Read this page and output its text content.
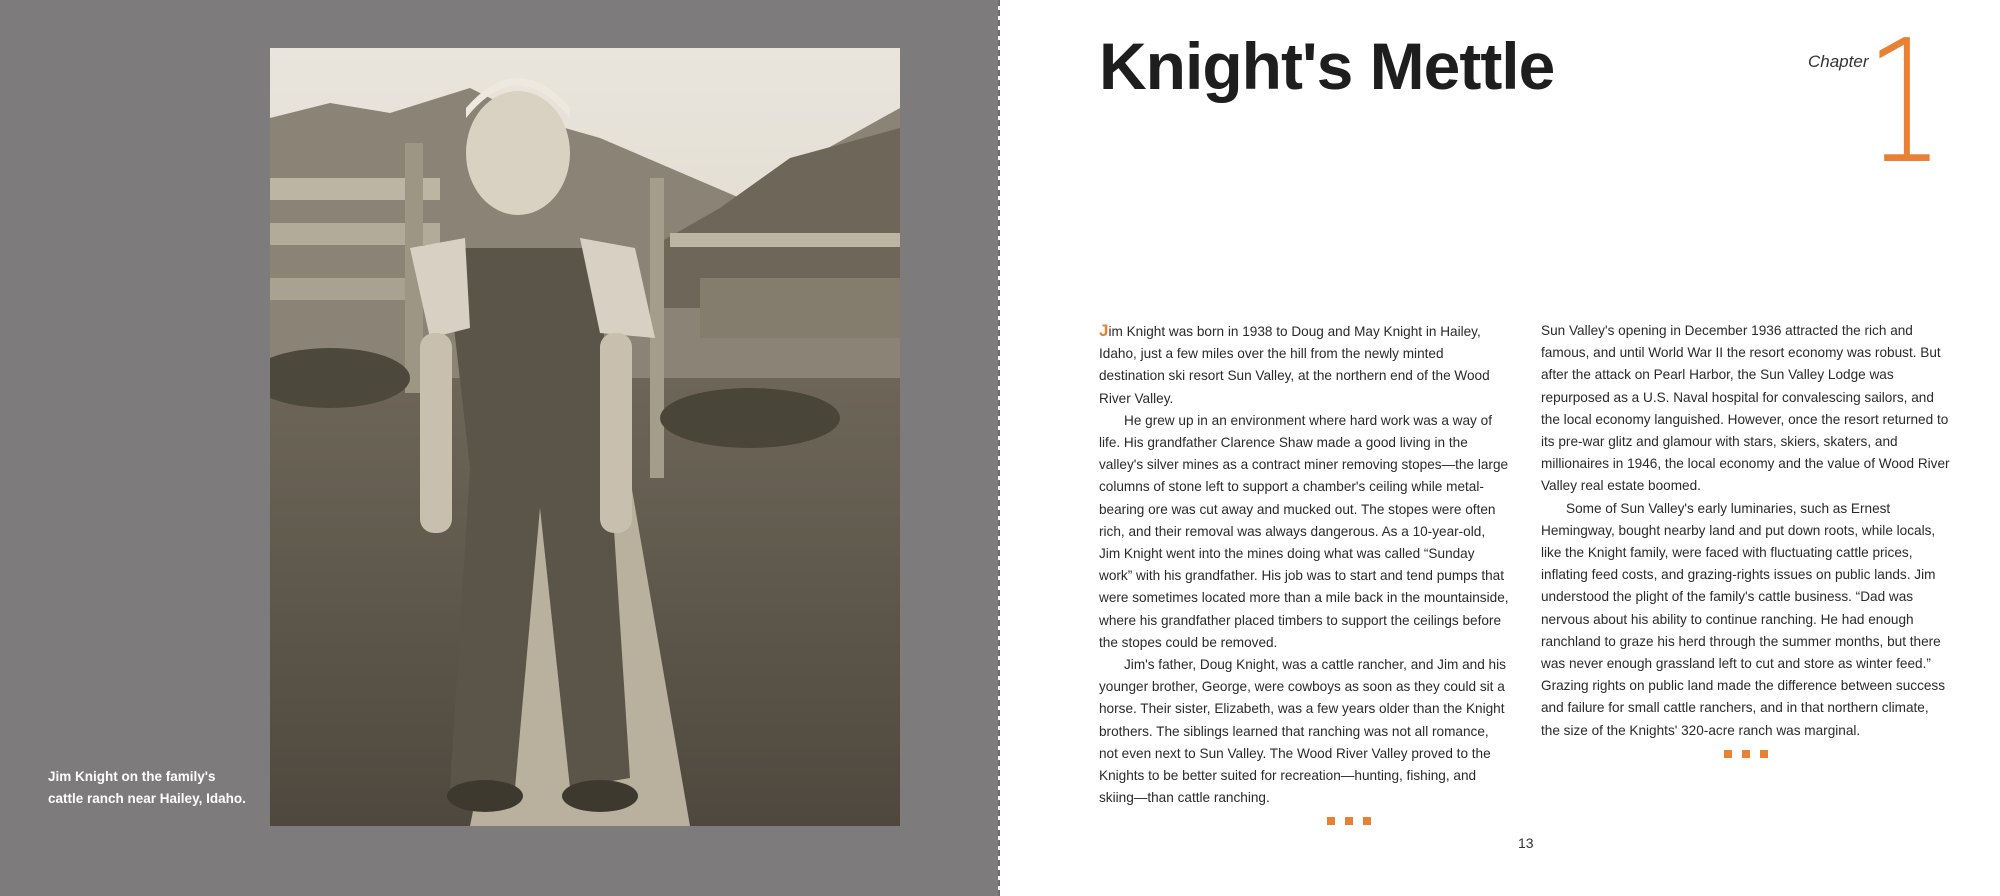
Jim Knight on the family's cattle ranch near Hailey, Idaho.
Knight's Mettle	Chapter
1

Jim Knight was born in 1938 to Doug and May Knight in Hailey, Idaho, just a few miles over the hill from the newly minted destination ski resort Sun Valley, at the northern end of the Wood River Valley.

He grew up in an environment where hard work was a way of life. His grandfather Clarence Shaw made a good living in the valley's silver mines as a contract miner removing stopes—the large columns of stone left to support a chamber's ceiling while metal-bearing ore was cut away and mucked out. The stopes were often rich, and their removal was always dangerous. As a 10-year-old, Jim Knight went into the mines doing what was called “Sunday work” with his grandfather. His job was to start and tend pumps that were sometimes located more than a mile back in the mountainside, where his grandfather placed timbers to support the ceilings before the stopes could be removed.

Jim's father, Doug Knight, was a cattle rancher, and Jim and his younger brother, George, were cowboys as soon as they could sit a horse. Their sister, Elizabeth, was a few years older than the Knight brothers. The siblings learned that ranching was not all romance, not even next to Sun Valley. The Wood River Valley proved to the Knights to be better suited for recreation—hunting, fishing, and skiing—than cattle ranching.

Sun Valley's opening in December 1936 attracted the rich and famous, and until World War II the resort economy was robust. But after the attack on Pearl Harbor, the Sun Valley Lodge was repurposed as a U.S. Naval hospital for convalescing sailors, and the local economy languished. However, once the resort returned to its pre-war glitz and glamour with stars, skiers, skaters, and millionaires in 1946, the local economy and the value of Wood River Valley real estate boomed.

Some of Sun Valley's early luminaries, such as Ernest Hemingway, bought nearby land and put down roots, while locals, like the Knight family, were faced with fluctuating cattle prices, inflating feed costs, and grazing-rights issues on public lands. Jim understood the plight of the family's cattle business. “Dad was nervous about his ability to continue ranching. He had enough ranchland to graze his herd through the summer months, but there was never enough grassland left to cut and store as winter feed.” Grazing rights on public land made the difference between success and failure for small cattle ranchers, and in that northern climate, the size of the Knights' 320-acre ranch was marginal.

13
